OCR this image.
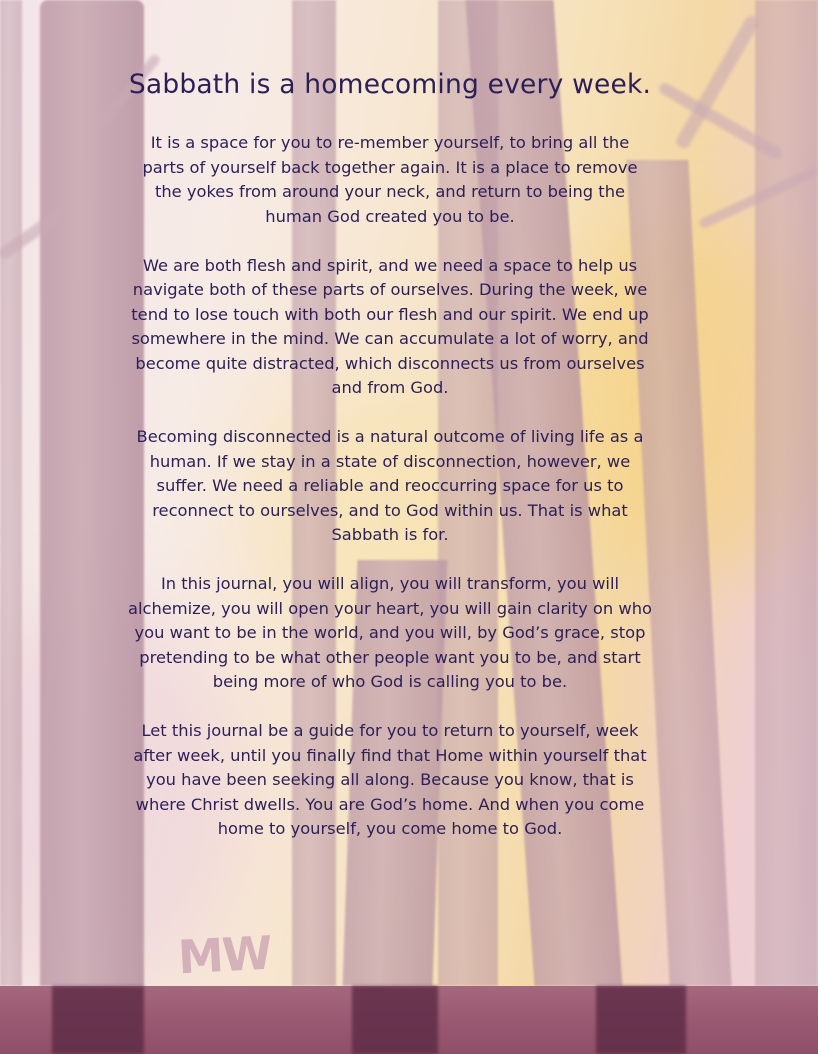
MW
Sabbath is a homecoming every week.

It is a space for you to re-member yourself, to bring all the parts of yourself back together again. It is a place to remove the yokes from around your neck, and return to being the human God created you to be.

We are both flesh and spirit, and we need a space to help us navigate both of these parts of ourselves. During the week, we tend to lose touch with both our flesh and our spirit. We end up somewhere in the mind. We can accumulate a lot of worry, and become quite distracted, which disconnects us from ourselves and from God.

Becoming disconnected is a natural outcome of living life as a human. If we stay in a state of disconnection, however, we suffer. We need a reliable and reoccurring space for us to reconnect to ourselves, and to God within us. That is what Sabbath is for.

In this journal, you will align, you will transform, you will alchemize, you will open your heart, you will gain clarity on who you want to be in the world, and you will, by God’s grace, stop pretending to be what other people want you to be, and start being more of who God is calling you to be.

Let this journal be a guide for you to return to yourself, week after week, until you finally find that Home within yourself that you have been seeking all along. Because you know, that is where Christ dwells. You are God’s home. And when you come home to yourself, you come home to God.
